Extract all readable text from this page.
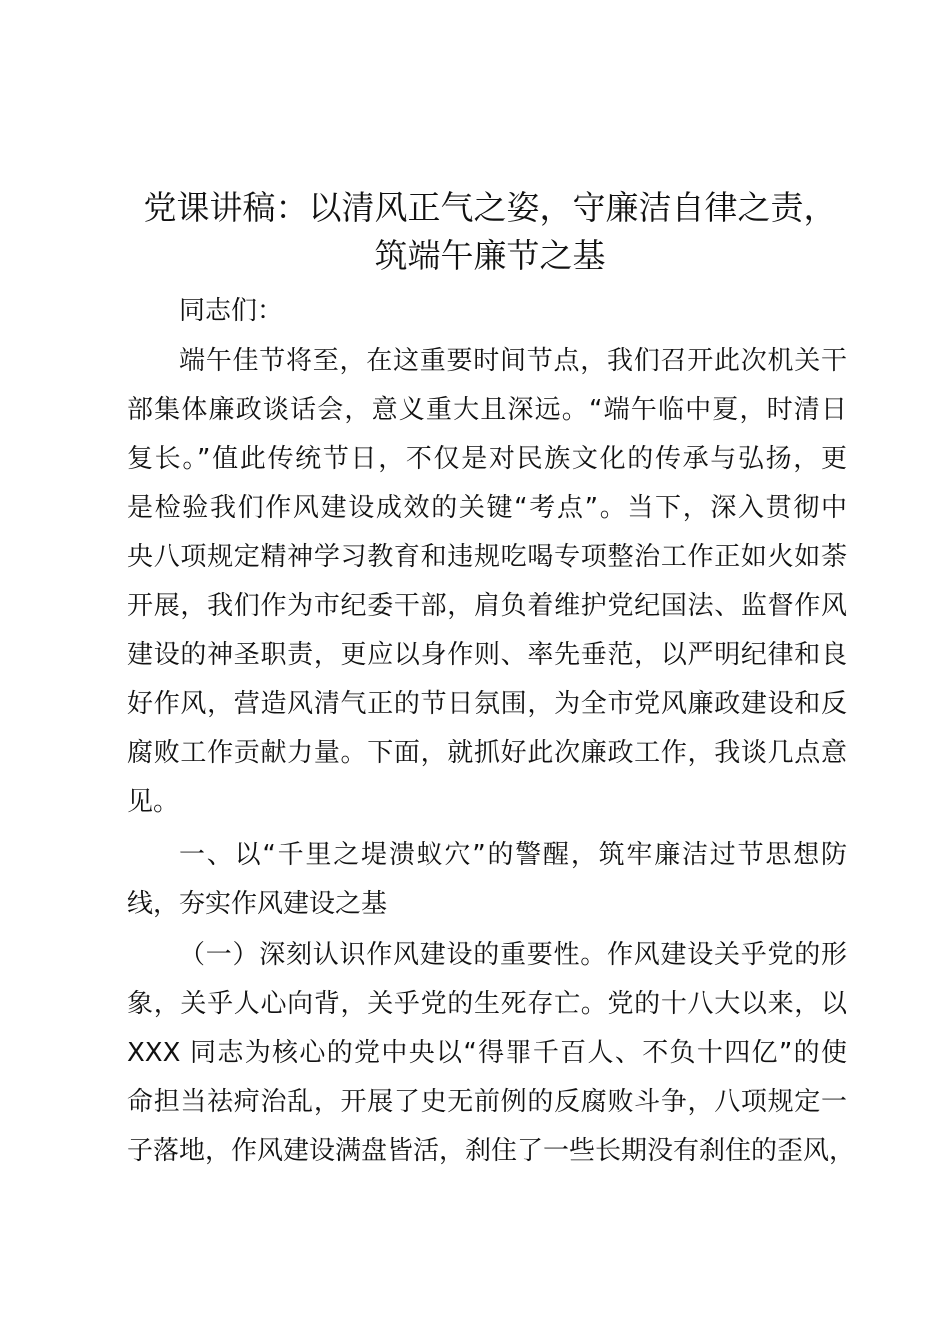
党课讲稿：以清风正气之姿，守廉洁自律之责，
筑端午廉节之基

同志们：

端午佳节将至，在这重要时间节点，我们召开此次机关干

部集体廉政谈话会，意义重大且深远。“端午临中夏，时清日

复长。”值此传统节日，不仅是对民族文化的传承与弘扬，更

是检验我们作风建设成效的关键“考点”。当下，深入贯彻中

央八项规定精神学习教育和违规吃喝专项整治工作正如火如荼

开展，我们作为市纪委干部，肩负着维护党纪国法、监督作风

建设的神圣职责，更应以身作则、率先垂范，以严明纪律和良

好作风，营造风清气正的节日氛围，为全市党风廉政建设和反

腐败工作贡献力量。下面，就抓好此次廉政工作，我谈几点意

见。

一、以“千里之堤溃蚁穴”的警醒，筑牢廉洁过节思想防

线，夯实作风建设之基

（一）深刻认识作风建设的重要性。作风建设关乎党的形

象，关乎人心向背，关乎党的生死存亡。党的十八大以来，以

XXX 同志为核心的党中央以“得罪千百人、不负十四亿”的使

命担当祛疴治乱，开展了史无前例的反腐败斗争，八项规定一

子落地，作风建设满盘皆活，刹住了一些长期没有刹住的歪风，
